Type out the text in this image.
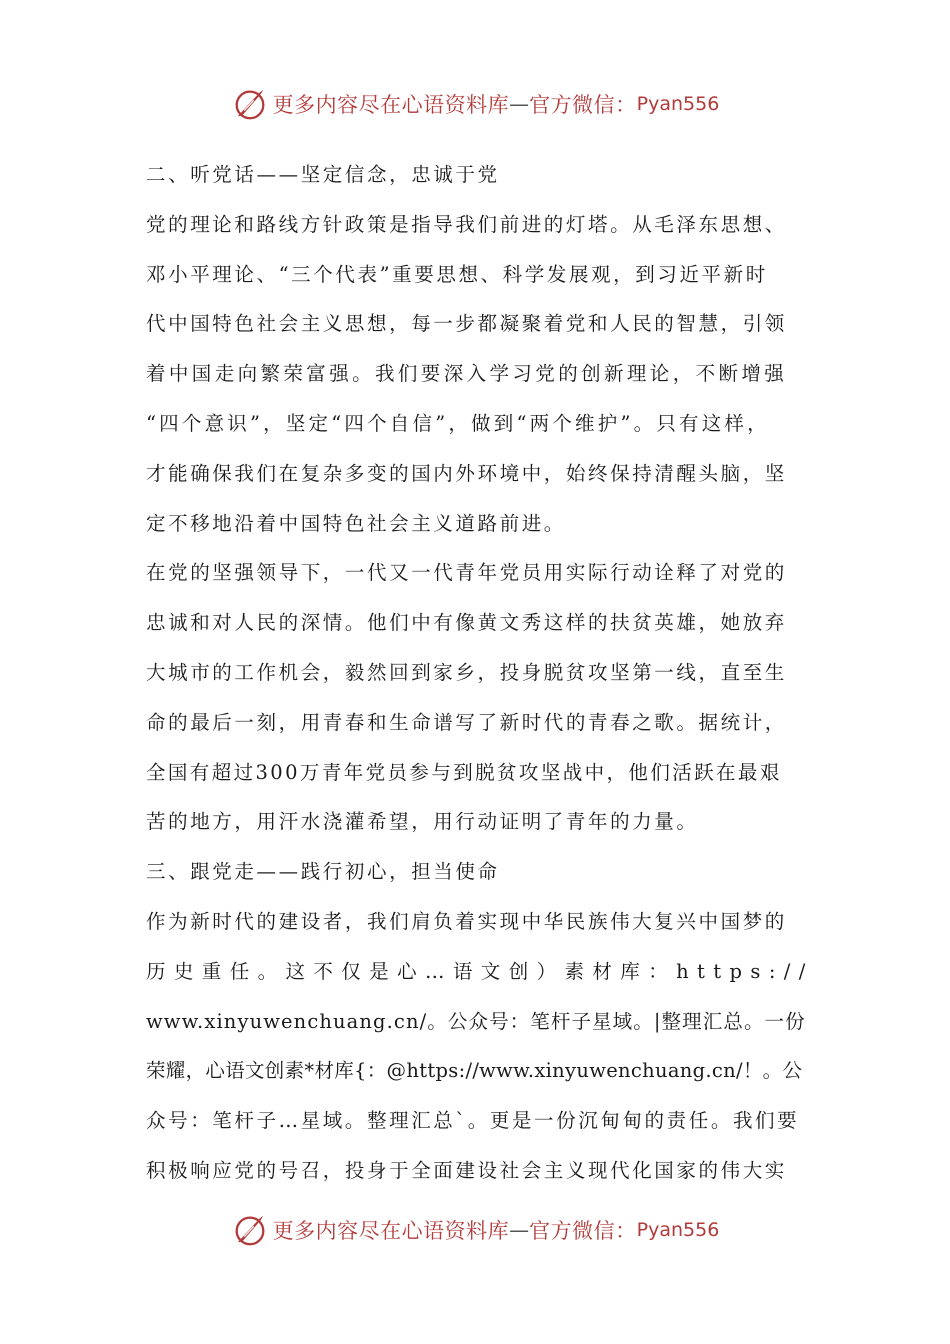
更多内容尽在心语资料库 — 官方微信： Pyan556
二、听党话——坚定信念，忠诚于党
党的理论和路线方针政策是指导我们前进的灯塔。从毛泽东思想、
邓小平理论、“三个代表”重要思想、科学发展观，到习近平新时
代中国特色社会主义思想，每一步都凝聚着党和人民的智慧，引领
着中国走向繁荣富强。我们要深入学习党的创新理论，不断增强
“四个意识”，坚定“四个自信”，做到“两个维护”。只有这样，
才能确保我们在复杂多变的国内外环境中，始终保持清醒头脑，坚
定不移地沿着中国特色社会主义道路前进。
在党的坚强领导下，一代又一代青年党员用实际行动诠释了对党的
忠诚和对人民的深情。他们中有像黄文秀这样的扶贫英雄，她放弃
大城市的工作机会，毅然回到家乡，投身脱贫攻坚第一线，直至生
命的最后一刻，用青春和生命谱写了新时代的青春之歌。据统计，
全国有超过300万青年党员参与到脱贫攻坚战中，他们活跃在最艰
苦的地方，用汗水浇灌希望，用行动证明了青年的力量。
三、跟党走——践行初心，担当使命
作为新时代的建设者，我们肩负着实现中华民族伟大复兴中国梦的
历史重任。这不仅是心…语文创）素材库：https://
www.xinyuwenchuang.cn/。公众号：笔杆子星域。|整理汇总。一份
荣耀，心语文创素*材库{：@https://www.xinyuwenchuang.cn/！。公
众号：笔杆子…星域。整理汇总`。更是一份沉甸甸的责任。我们要
积极响应党的号召，投身于全面建设社会主义现代化国家的伟大实
更多内容尽在心语资料库 — 官方微信： Pyan556
